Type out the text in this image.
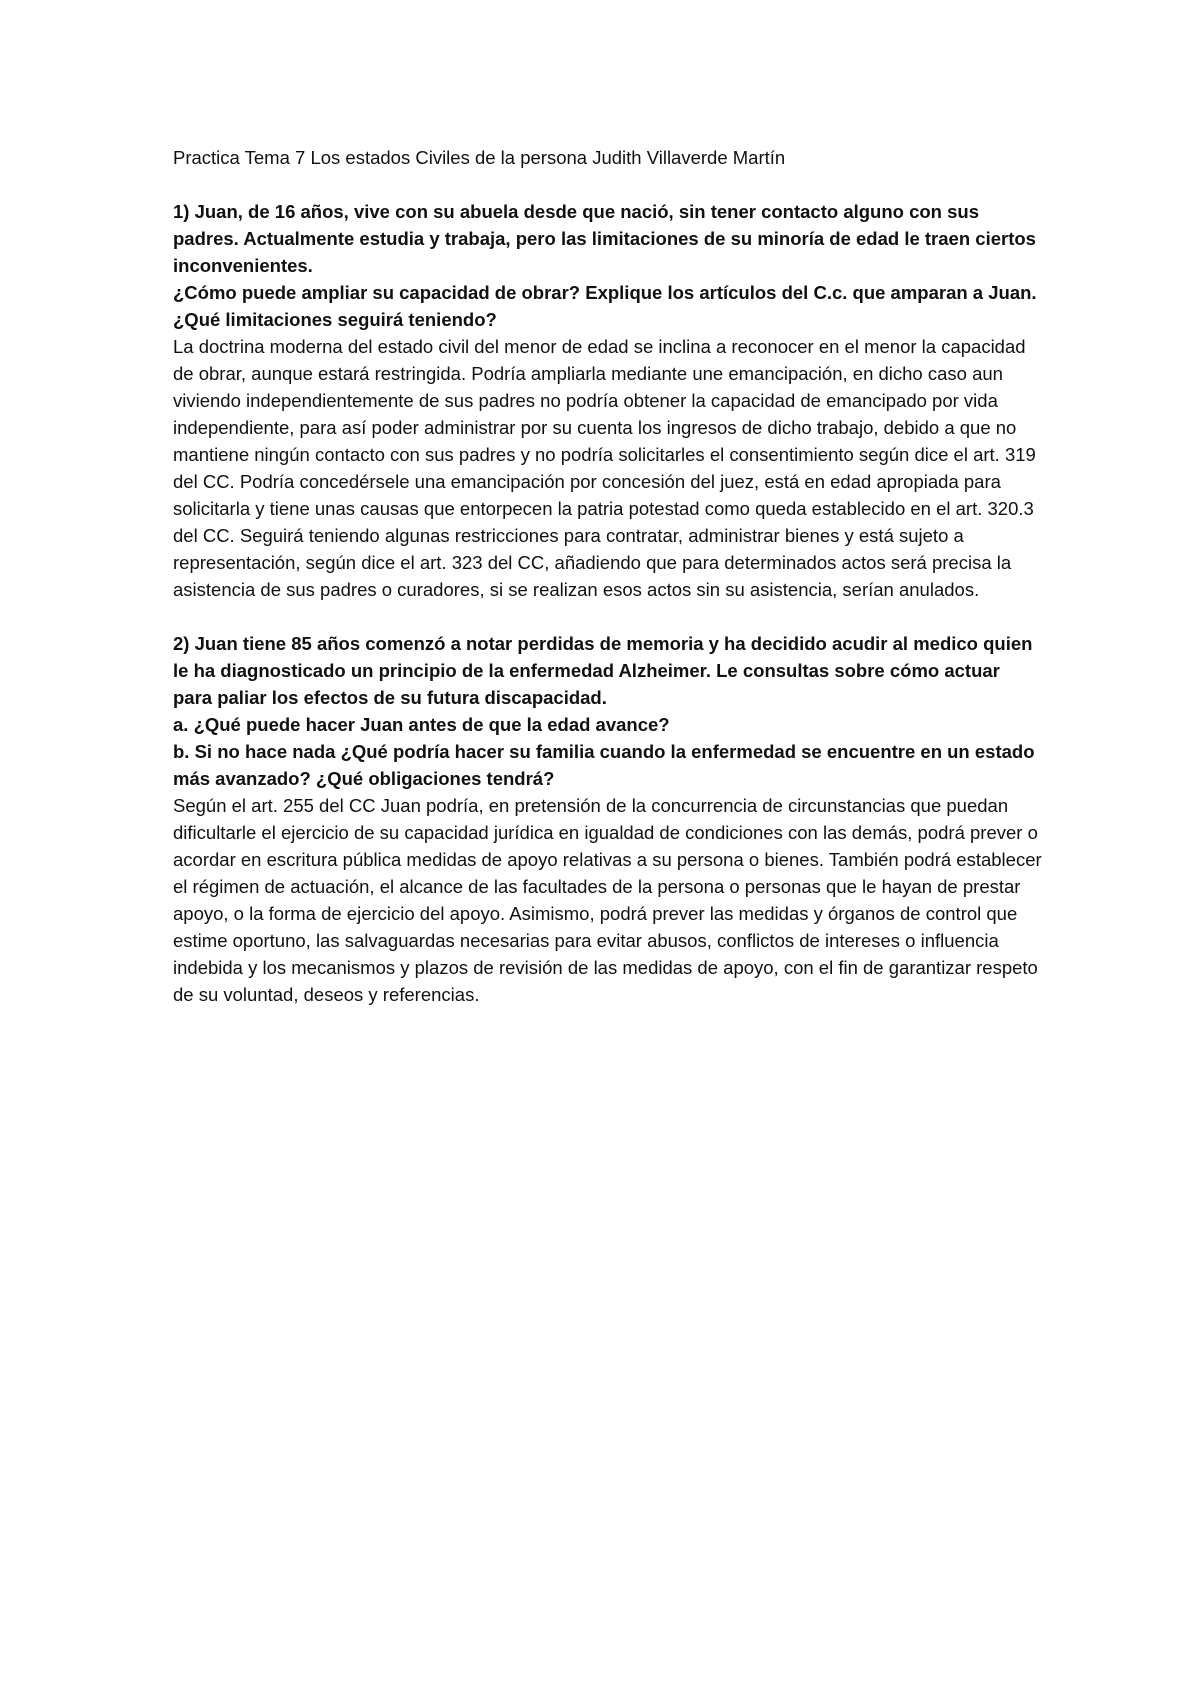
Practica Tema 7 Los estados Civiles de la persona Judith Villaverde Martín

1) Juan, de 16 años, vive con su abuela desde que nació, sin tener contacto alguno con sus padres. Actualmente estudia y trabaja, pero las limitaciones de su minoría de edad le traen ciertos inconvenientes.

¿Cómo puede ampliar su capacidad de obrar? Explique los artículos del C.c. que amparan a Juan. ¿Qué limitaciones seguirá teniendo?

La doctrina moderna del estado civil del menor de edad se inclina a reconocer en el menor la capacidad de obrar, aunque estará restringida. Podría ampliarla mediante une emancipación, en dicho caso aun viviendo independientemente de sus padres no podría obtener la capacidad de emancipado por vida independiente, para así poder administrar por su cuenta los ingresos de dicho trabajo, debido a que no mantiene ningún contacto con sus padres y no podría solicitarles el consentimiento según dice el art. 319 del CC. Podría concedérsele una emancipación por concesión del juez, está en edad apropiada para solicitarla y tiene unas causas que entorpecen la patria potestad como queda establecido en el art. 320.3 del CC. Seguirá teniendo algunas restricciones para contratar, administrar bienes y está sujeto a representación, según dice el art. 323 del CC, añadiendo que para determinados actos será precisa la asistencia de sus padres o curadores, si se realizan esos actos sin su asistencia, serían anulados.

2) Juan tiene 85 años comenzó a notar perdidas de memoria y ha decidido acudir al medico quien le ha diagnosticado un principio de la enfermedad Alzheimer. Le consultas sobre cómo actuar para paliar los efectos de su futura discapacidad.

a. ¿Qué puede hacer Juan antes de que la edad avance?

b. Si no hace nada ¿Qué podría hacer su familia cuando la enfermedad se encuentre en un estado más avanzado? ¿Qué obligaciones tendrá?

Según el art. 255 del CC Juan podría, en pretensión de la concurrencia de circunstancias que puedan dificultarle el ejercicio de su capacidad jurídica en igualdad de condiciones con las demás, podrá prever o acordar en escritura pública medidas de apoyo relativas a su persona o bienes. También podrá establecer el régimen de actuación, el alcance de las facultades de la persona o personas que le hayan de prestar apoyo, o la forma de ejercicio del apoyo. Asimismo, podrá prever las medidas y órganos de control que estime oportuno, las salvaguardas necesarias para evitar abusos, conflictos de intereses o influencia indebida y los mecanismos y plazos de revisión de las medidas de apoyo, con el fin de garantizar respeto de su voluntad, deseos y referencias.
